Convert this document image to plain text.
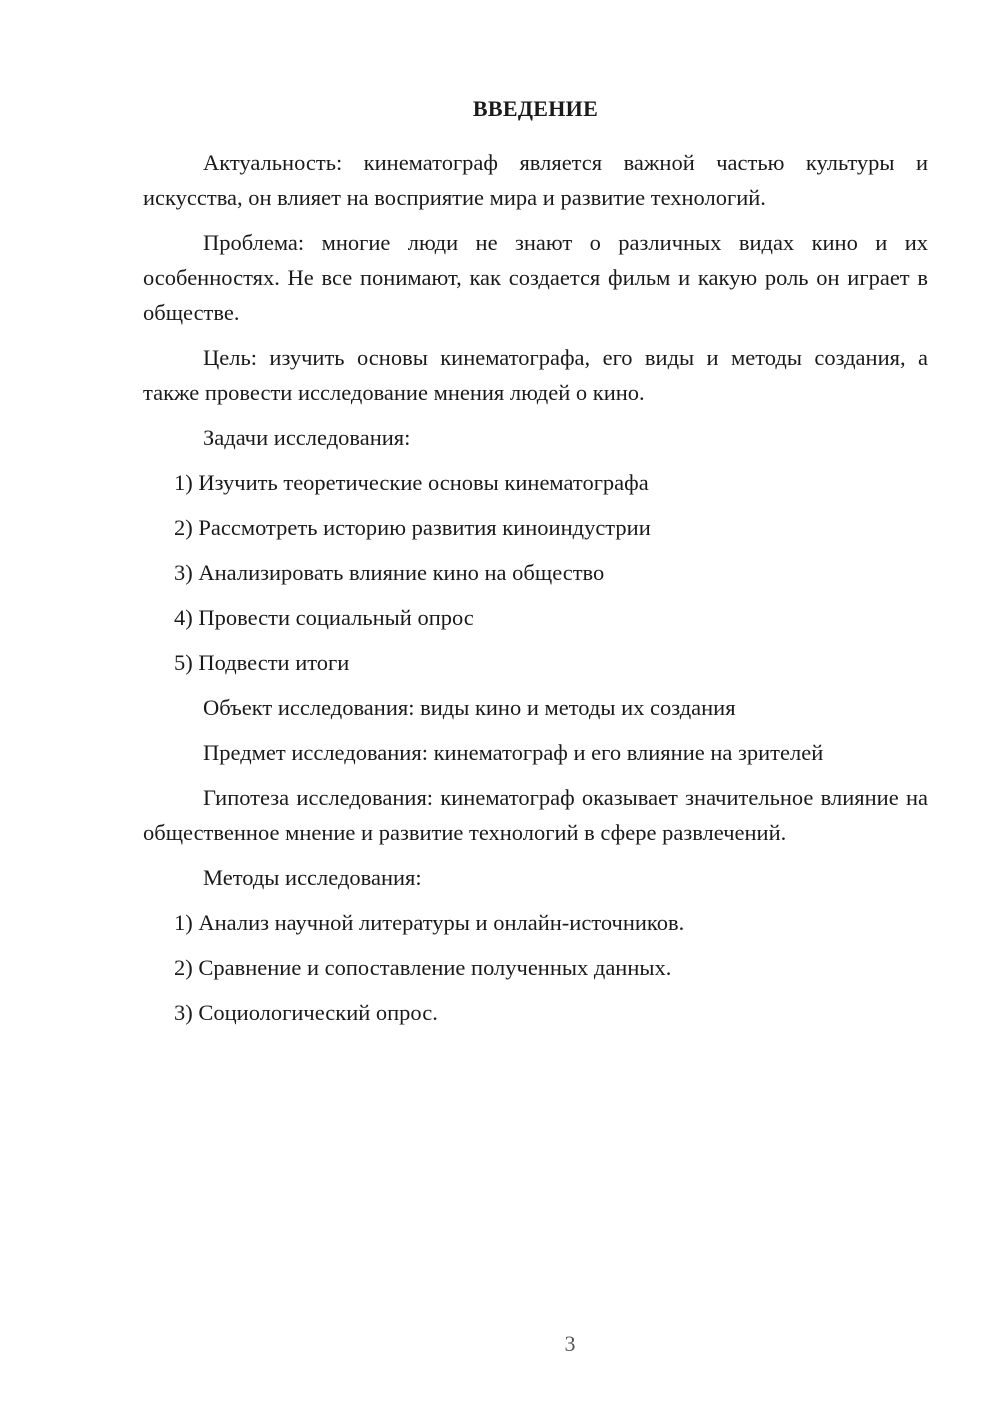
ВВЕДЕНИЕ

Актуальность: кинематограф является важной частью культуры и искусства, он влияет на восприятие мира и развитие технологий.

Проблема: многие люди не знают о различных видах кино и их особенностях. Не все понимают, как создается фильм и какую роль он играет в обществе.

Цель: изучить основы кинематографа, его виды и методы создания, а также провести исследование мнения людей о кино.

Задачи исследования:

1) Изучить теоретические основы кинематографа

2) Рассмотреть историю развития киноиндустрии

3) Анализировать влияние кино на общество

4) Провести социальный опрос

5) Подвести итоги

Объект исследования: виды кино и методы их создания

Предмет исследования: кинематограф и его влияние на зрителей

Гипотеза исследования: кинематограф оказывает значительное влияние на общественное мнение и развитие технологий в сфере развлечений.

Методы исследования:

1) Анализ научной литературы и онлайн-источников.

2) Сравнение и сопоставление полученных данных.

3) Социологический опрос.

3
